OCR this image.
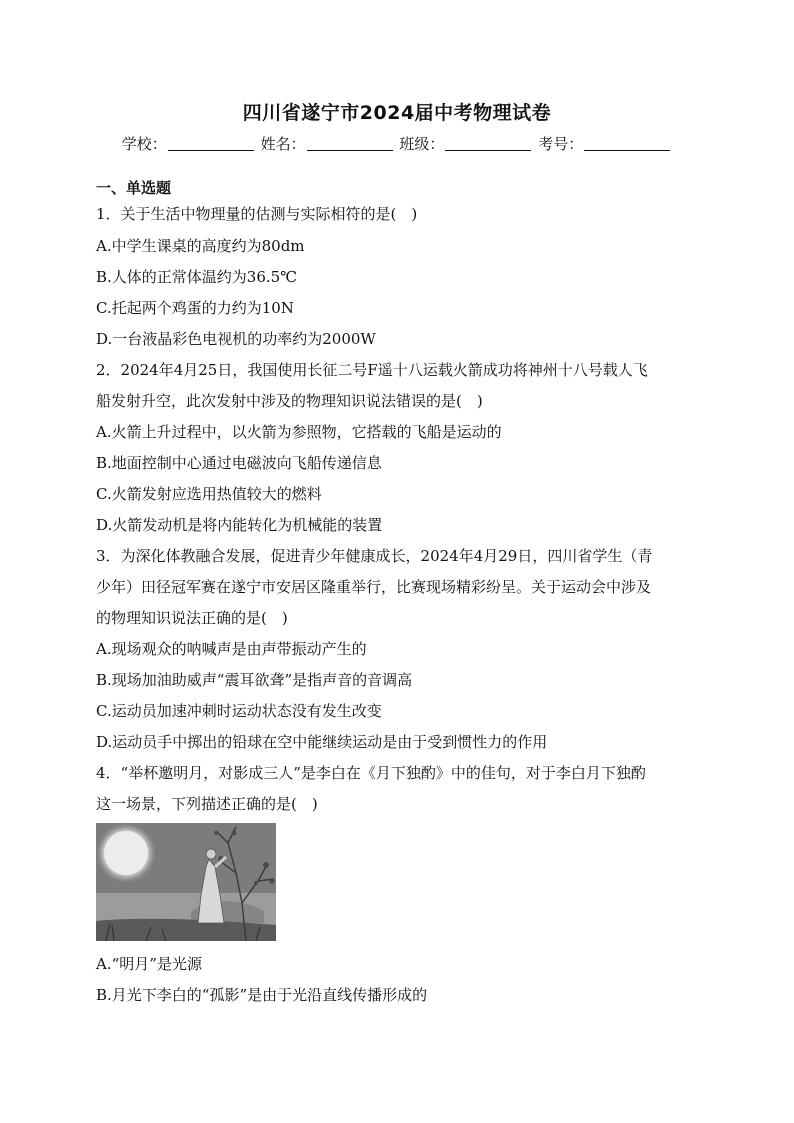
四川省遂宁市2024届中考物理试卷
学校：	姓名：	班级：	考号：
一、单选题
1．关于生活中物理量的估测与实际相符的是(　)
A.中学生课桌的高度约为80dm
B.人体的正常体温约为36.5℃
C.托起两个鸡蛋的力约为10N
D.一台液晶彩色电视机的功率约为2000W
2．2024年4月25日，我国使用长征二号F遥十八运载火箭成功将神州十八号载人飞
船发射升空，此次发射中涉及的物理知识说法错误的是(　)
A.火箭上升过程中，以火箭为参照物，它搭载的飞船是运动的
B.地面控制中心通过电磁波向飞船传递信息
C.火箭发射应选用热值较大的燃料
D.火箭发动机是将内能转化为机械能的装置
3．为深化体教融合发展，促进青少年健康成长，2024年4月29日，四川省学生（青
少年）田径冠军赛在遂宁市安居区隆重举行，比赛现场精彩纷呈。关于运动会中涉及
的物理知识说法正确的是(　)
A.现场观众的呐喊声是由声带振动产生的
B.现场加油助威声“震耳欲聋”是指声音的音调高
C.运动员加速冲刺时运动状态没有发生改变
D.运动员手中掷出的铅球在空中能继续运动是由于受到惯性力的作用
4．“举杯邀明月，对影成三人”是李白在《月下独酌》中的佳句，对于李白月下独酌
这一场景，下列描述正确的是(　)
A.“明月”是光源
B.月光下李白的“孤影”是由于光沿直线传播形成的
